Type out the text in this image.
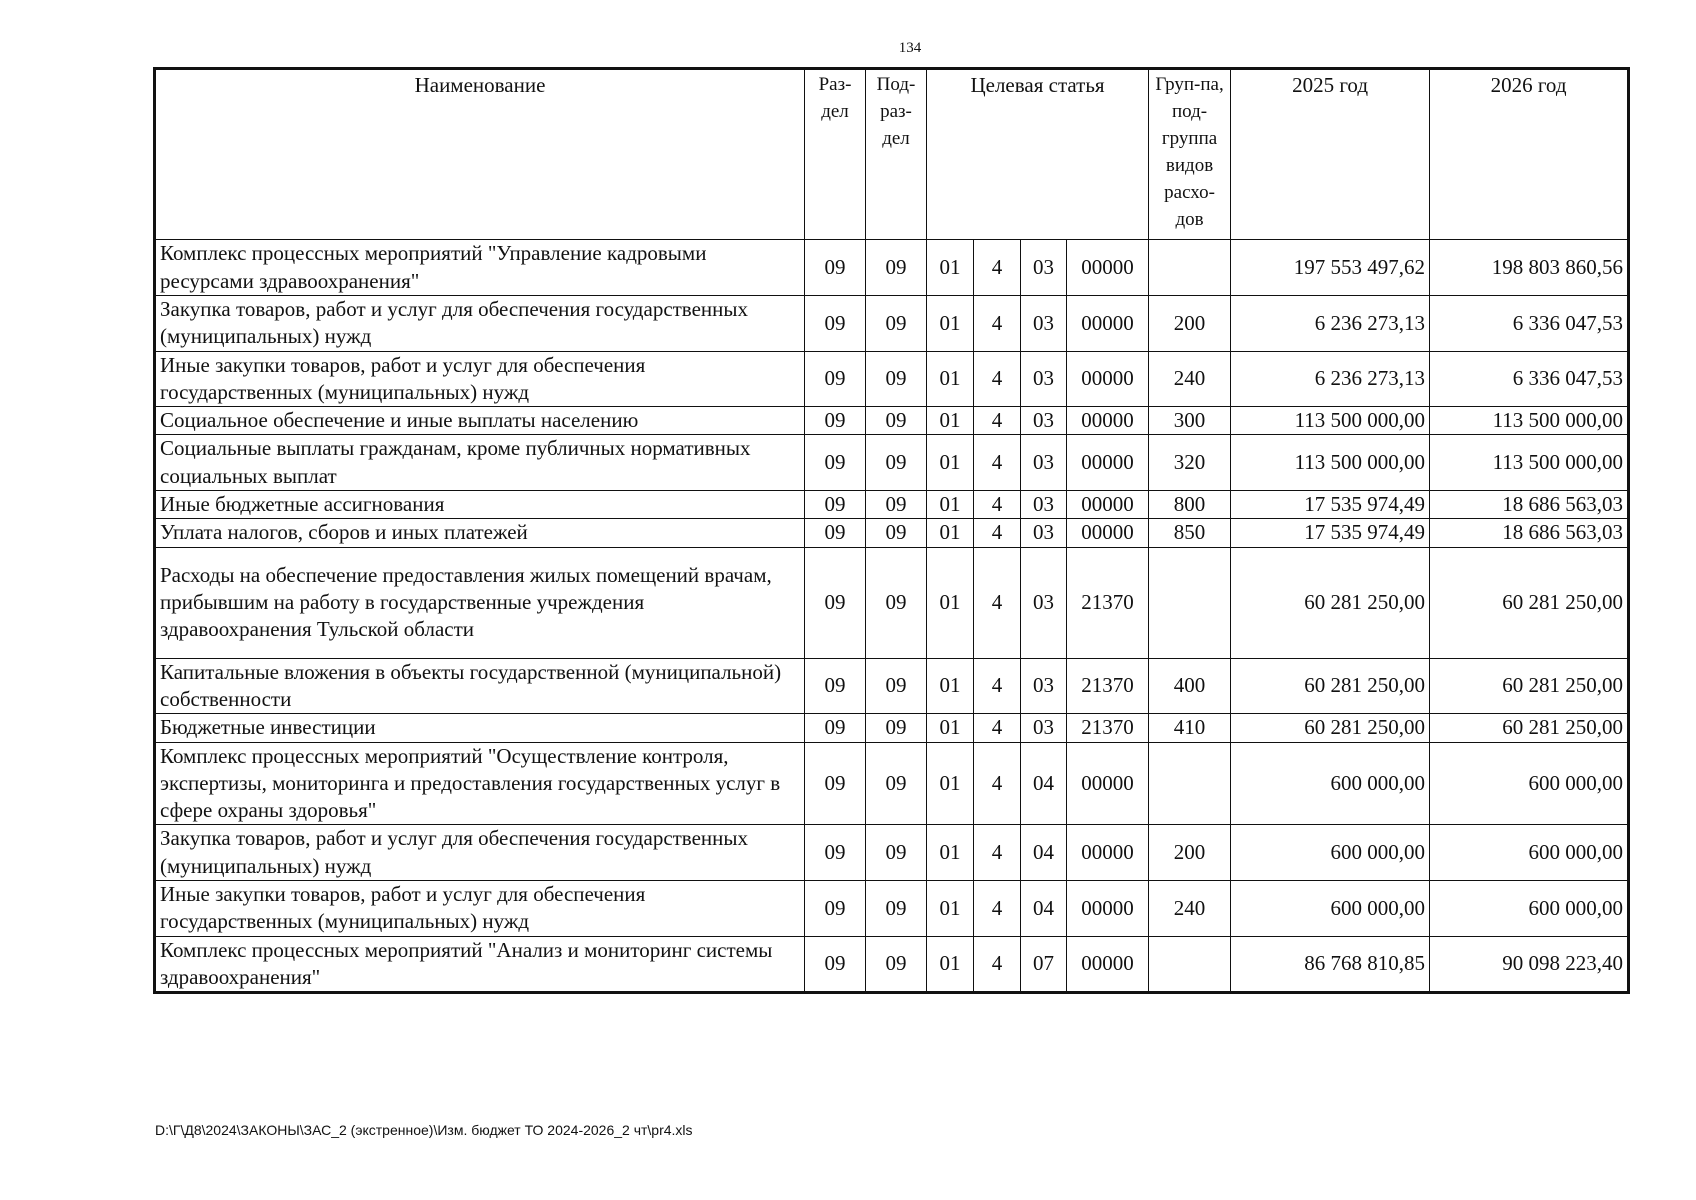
134
Наименование	Раз-дел	Под-раз-дел	Целевая статья				Груп-па, под-группа видов расхо-дов	2025 год	2026 год
Комплекс процессных мероприятий "Управление кадровыми ресурсами здравоохранения"	09	09	01	4	03	00000		197 553 497,62	198 803 860,56
Закупка товаров, работ и услуг для обеспечения государственных (муниципальных) нужд	09	09	01	4	03	00000	200	6 236 273,13	6 336 047,53
Иные закупки товаров, работ и услуг для обеспечения государственных (муниципальных) нужд	09	09	01	4	03	00000	240	6 236 273,13	6 336 047,53
Социальное обеспечение и иные выплаты населению	09	09	01	4	03	00000	300	113 500 000,00	113 500 000,00
Социальные выплаты гражданам, кроме публичных нормативных социальных выплат	09	09	01	4	03	00000	320	113 500 000,00	113 500 000,00
Иные бюджетные ассигнования	09	09	01	4	03	00000	800	17 535 974,49	18 686 563,03
Уплата налогов, сборов и иных платежей	09	09	01	4	03	00000	850	17 535 974,49	18 686 563,03
Расходы на обеспечение предоставления жилых помещений врачам, прибывшим на работу в государственные учреждения здравоохранения Тульской области	09	09	01	4	03	21370		60 281 250,00	60 281 250,00
Капитальные вложения в объекты государственной (муниципальной) собственности	09	09	01	4	03	21370	400	60 281 250,00	60 281 250,00
Бюджетные инвестиции	09	09	01	4	03	21370	410	60 281 250,00	60 281 250,00
Комплекс процессных мероприятий "Осуществление контроля, экспертизы, мониторинга и предоставления государственных услуг в сфере охраны здоровья"	09	09	01	4	04	00000		600 000,00	600 000,00
Закупка товаров, работ и услуг для обеспечения государственных (муниципальных) нужд	09	09	01	4	04	00000	200	600 000,00	600 000,00
Иные закупки товаров, работ и услуг для обеспечения государственных (муниципальных) нужд	09	09	01	4	04	00000	240	600 000,00	600 000,00
Комплекс процессных мероприятий "Анализ и мониторинг системы здравоохранения"	09	09	01	4	07	00000		86 768 810,85	90 098 223,40
D:\Г\Д8\2024\ЗАКОНЫ\ЗАС_2 (экстренное)\Изм. бюджет ТО 2024-2026_2 чт\pr4.xls
